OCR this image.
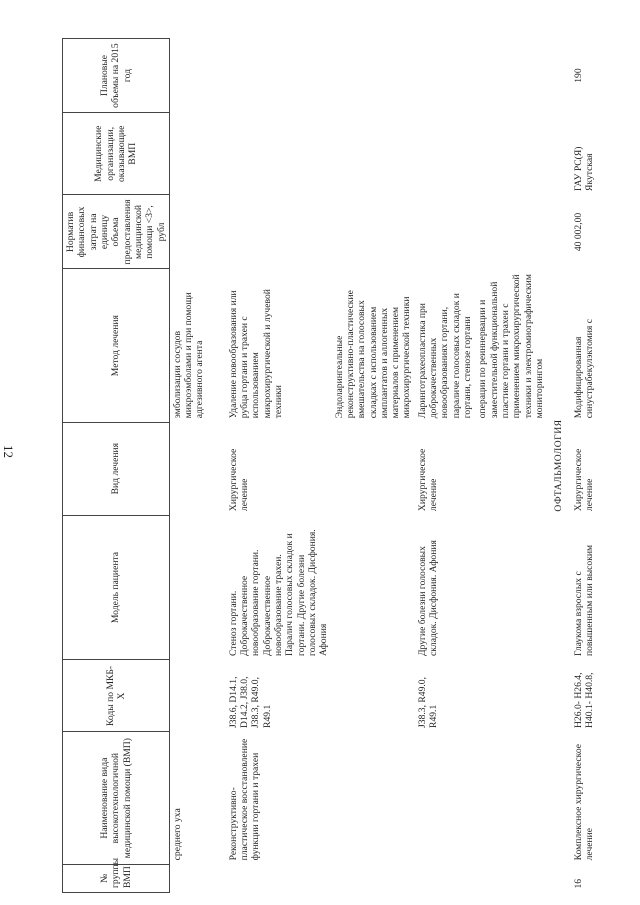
12
№ группы ВМП	Наименование вида высокотехнологичной медицинской помощи (ВМП)	Коды по МКБ-Х	Модель пациента	Вид лечения	Метод лечения	Норматив финансовых затрат на единицу объема предоставления медицинской помощи <3>, рубл	Медицинские организации, оказывающие ВМП	Плановые объемы на 2015 год
	среднего уха				эмболизации сосудов микроэмболами и при помощи адгезивного агента			

	Реконструктивно-пластическое восстановление функции гортани и трахеи	J38.6, D14.1, D14.2, J38.0, J38.3, R49.0, R49.1	Стеноз гортани. Доброкачественное новообразование гортани. Доброкачественное новообразование трахеи. Паралич голосовых складок и гортани. Другие болезни голосовых складок. Дисфония. Афония	Хирургическое лечение	Удаление новообразования или рубца гортани и трахеи с использованием микрохирургической и лучевой техники			
					Эндоларингеальные реконструктивно-пластические вмешательства на голосовых складках с использованием имплантатов и аллогенных материалов с применением микрохирургической техники			
		J38.3, R49.0, R49.1	Другие болезни голосовых складок. Дисфония. Афония	Хирургическое лечение	Ларинготрахеопластика при доброкачественных новообразованиях гортани, параличе голосовых складок и гортани, стенозе гортани			
					операции по реиннервации и заместительной функциональной пластике гортани и трахеи с применением микрохирургической техники и электромиографическим мониторингом			
ОФТАЛЬМОЛОГИЯ								
16	Комплексное хирургическое лечение	H26.0- H26.4, H40.1- H40.8,	Глаукома взрослых с повышенным или высоким	Хирургическое лечение	Модифицированная синустрабекулэктомия с	40 002,00	ГАУ РС(Я) Якутская	190
